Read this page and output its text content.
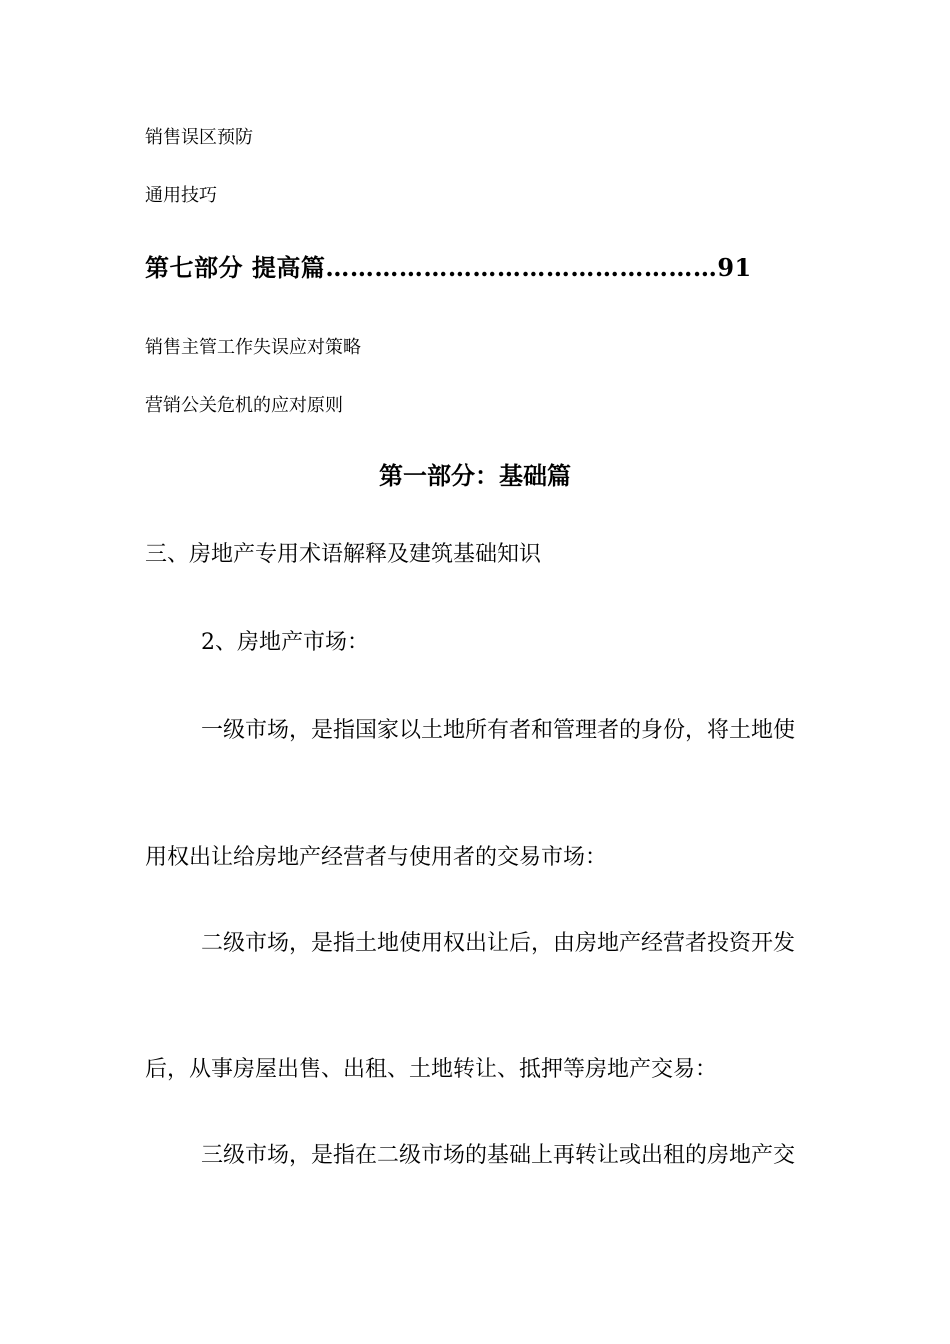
销售误区预防
通用技巧
第七部分 提高篇…………………………………………91
销售主管工作失误应对策略
营销公关危机的应对原则
第一部分：基础篇
三、房地产专用术语解释及建筑基础知识
2、房地产市场：
一级市场，是指国家以土地所有者和管理者的身份，将土地使
用权出让给房地产经营者与使用者的交易市场：
二级市场，是指土地使用权出让后，由房地产经营者投资开发
后，从事房屋出售、出租、土地转让、抵押等房地产交易：
三级市场，是指在二级市场的基础上再转让或出租的房地产交
